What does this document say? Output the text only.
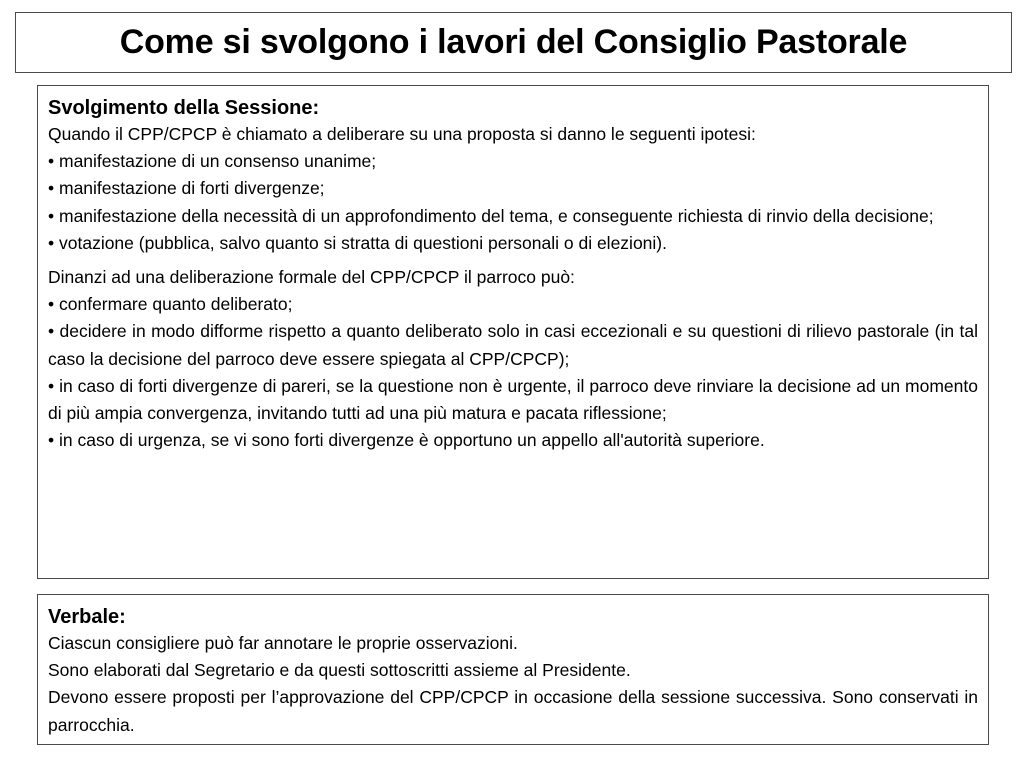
Come si svolgono i lavori del Consiglio Pastorale
Svolgimento della Sessione:

Quando il CPP/CPCP è chiamato a deliberare su una proposta si danno le seguenti ipotesi:

• manifestazione di un consenso unanime;

• manifestazione di forti divergenze;

• manifestazione della necessità di un approfondimento del tema, e conseguente richiesta di rinvio della decisione;

• votazione (pubblica, salvo quanto si stratta di questioni personali o di elezioni).

Dinanzi ad una deliberazione formale del CPP/CPCP il parroco può:

• confermare quanto deliberato;

• decidere in modo difforme rispetto a quanto deliberato solo in casi eccezionali e su questioni di rilievo pastorale (in tal caso la decisione del parroco deve essere spiegata al CPP/CPCP);

• in caso di forti divergenze di pareri, se la questione non è urgente, il parroco deve rinviare la decisione ad un momento di più ampia convergenza, invitando tutti ad una più matura e pacata riflessione;

• in caso di urgenza, se vi sono forti divergenze è opportuno un appello all'autorità superiore.

Verbale:

Ciascun consigliere può far annotare le proprie osservazioni.

Sono elaborati dal Segretario e da questi sottoscritti assieme al Presidente.

Devono essere proposti per l’approvazione del CPP/CPCP in occasione della sessione successiva. Sono conservati in parrocchia.
